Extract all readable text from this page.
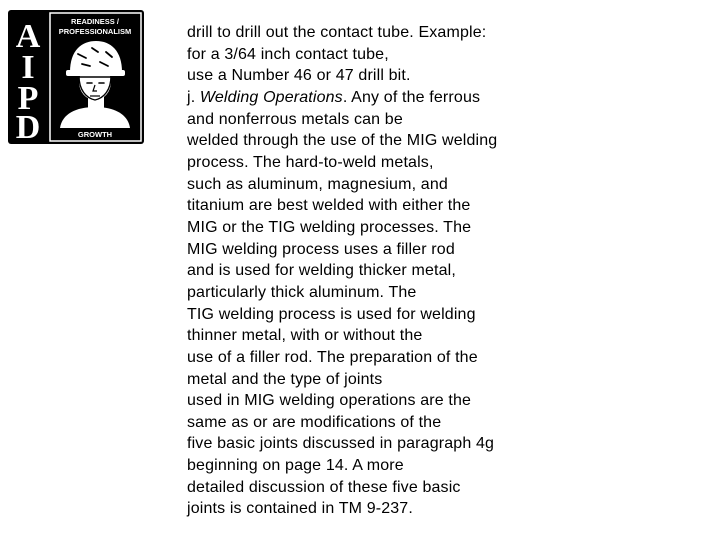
A
I
P
D
READINESS /
PROFESSIONALISM
THRU
GROWTH
drill to drill out the contact tube. Example:
for a 3/64 inch contact tube,
use a Number 46 or 47 drill bit.
j. Welding Operations. Any of the ferrous
and nonferrous metals can be
welded through the use of the MIG welding
process. The hard-to-weld metals,
such as aluminum, magnesium, and
titanium are best welded with either the
MIG or the TIG welding processes. The
MIG welding process uses a filler rod
and is used for welding thicker metal,
particularly thick aluminum. The
TIG welding process is used for welding
thinner metal, with or without the
use of a filler rod. The preparation of the
metal and the type of joints
used in MIG welding operations are the
same as or are modifications of the
five basic joints discussed in paragraph 4g
beginning on page 14. A more
detailed discussion of these five basic
joints is contained in TM 9-237.
